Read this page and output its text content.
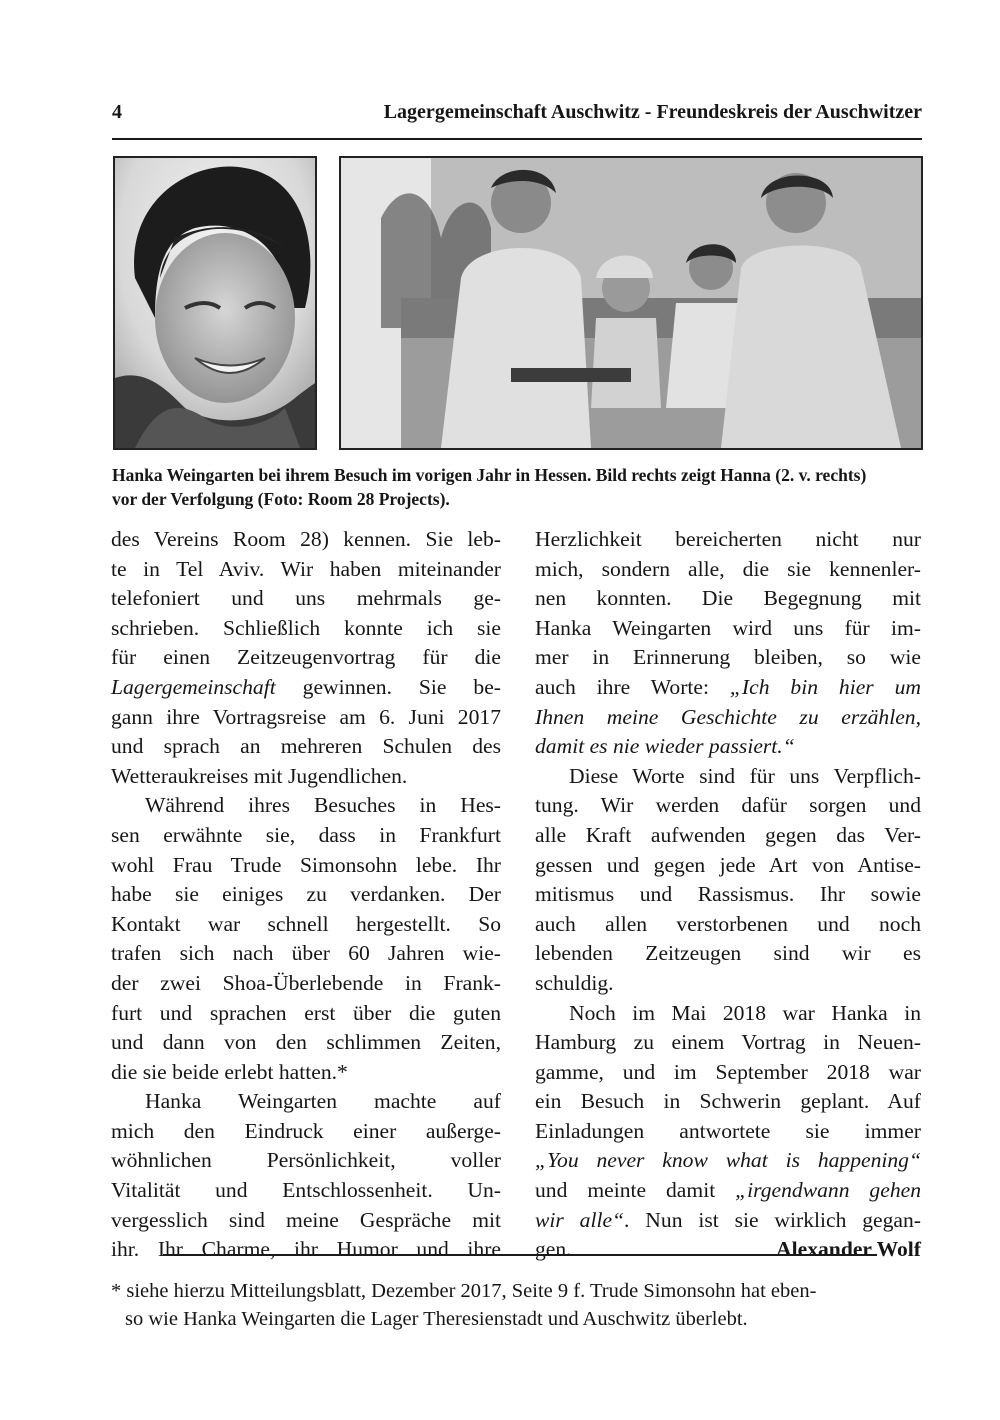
4	Lagergemeinschaft Auschwitz - Freundeskreis der Auschwitzer
Hanka Weingarten bei ihrem Besuch im vorigen Jahr in Hessen. Bild rechts zeigt Hanna (2. v. rechts)
vor der Verfolgung (Foto: Room 28 Projects).
des Vereins Room 28) kennen. Sie leb-
te in Tel Aviv. Wir haben miteinander
telefoniert und uns mehrmals ge-
schrieben. Schließlich konnte ich sie
für einen Zeitzeugenvortrag für die
Lagergemeinschaft gewinnen. Sie be-
gann ihre Vortragsreise am 6. Juni 2017
und sprach an mehreren Schulen des
Wetteraukreises mit Jugendlichen.
Während ihres Besuches in Hes-
sen erwähnte sie, dass in Frankfurt
wohl Frau Trude Simonsohn lebe. Ihr
habe sie einiges zu verdanken. Der
Kontakt war schnell hergestellt. So
trafen sich nach über 60 Jahren wie-
der zwei Shoa-Überlebende in Frank-
furt und sprachen erst über die guten
und dann von den schlimmen Zeiten,
die sie beide erlebt hatten.*
Hanka Weingarten machte auf
mich den Eindruck einer außerge-
wöhnlichen Persönlichkeit, voller
Vitalität und Entschlossenheit. Un-
vergesslich sind meine Gespräche mit
ihr. Ihr Charme, ihr Humor und ihre
Herzlichkeit bereicherten nicht nur
mich, sondern alle, die sie kennenler-
nen konnten. Die Begegnung mit
Hanka Weingarten wird uns für im-
mer in Erinnerung bleiben, so wie
auch ihre Worte: „Ich bin hier um
Ihnen meine Geschichte zu erzählen,
damit es nie wieder passiert.“
Diese Worte sind für uns Verpflich-
tung. Wir werden dafür sorgen und
alle Kraft aufwenden gegen das Ver-
gessen und gegen jede Art von Antise-
mitismus und Rassismus. Ihr sowie
auch allen verstorbenen und noch
lebenden Zeitzeugen sind wir es
schuldig.
Noch im Mai 2018 war Hanka in
Hamburg zu einem Vortrag in Neuen-
gamme, und im September 2018 war
ein Besuch in Schwerin geplant. Auf
Einladungen antwortete sie immer
„You never know what is happening“
und meinte damit „irgendwann gehen
wir alle“. Nun ist sie wirklich gegan-
gen.	Alexander Wolf
* siehe hierzu Mitteilungsblatt, Dezember 2017, Seite 9 f. Trude Simonsohn hat eben-
so wie Hanka Weingarten die Lager Theresienstadt und Auschwitz überlebt.
